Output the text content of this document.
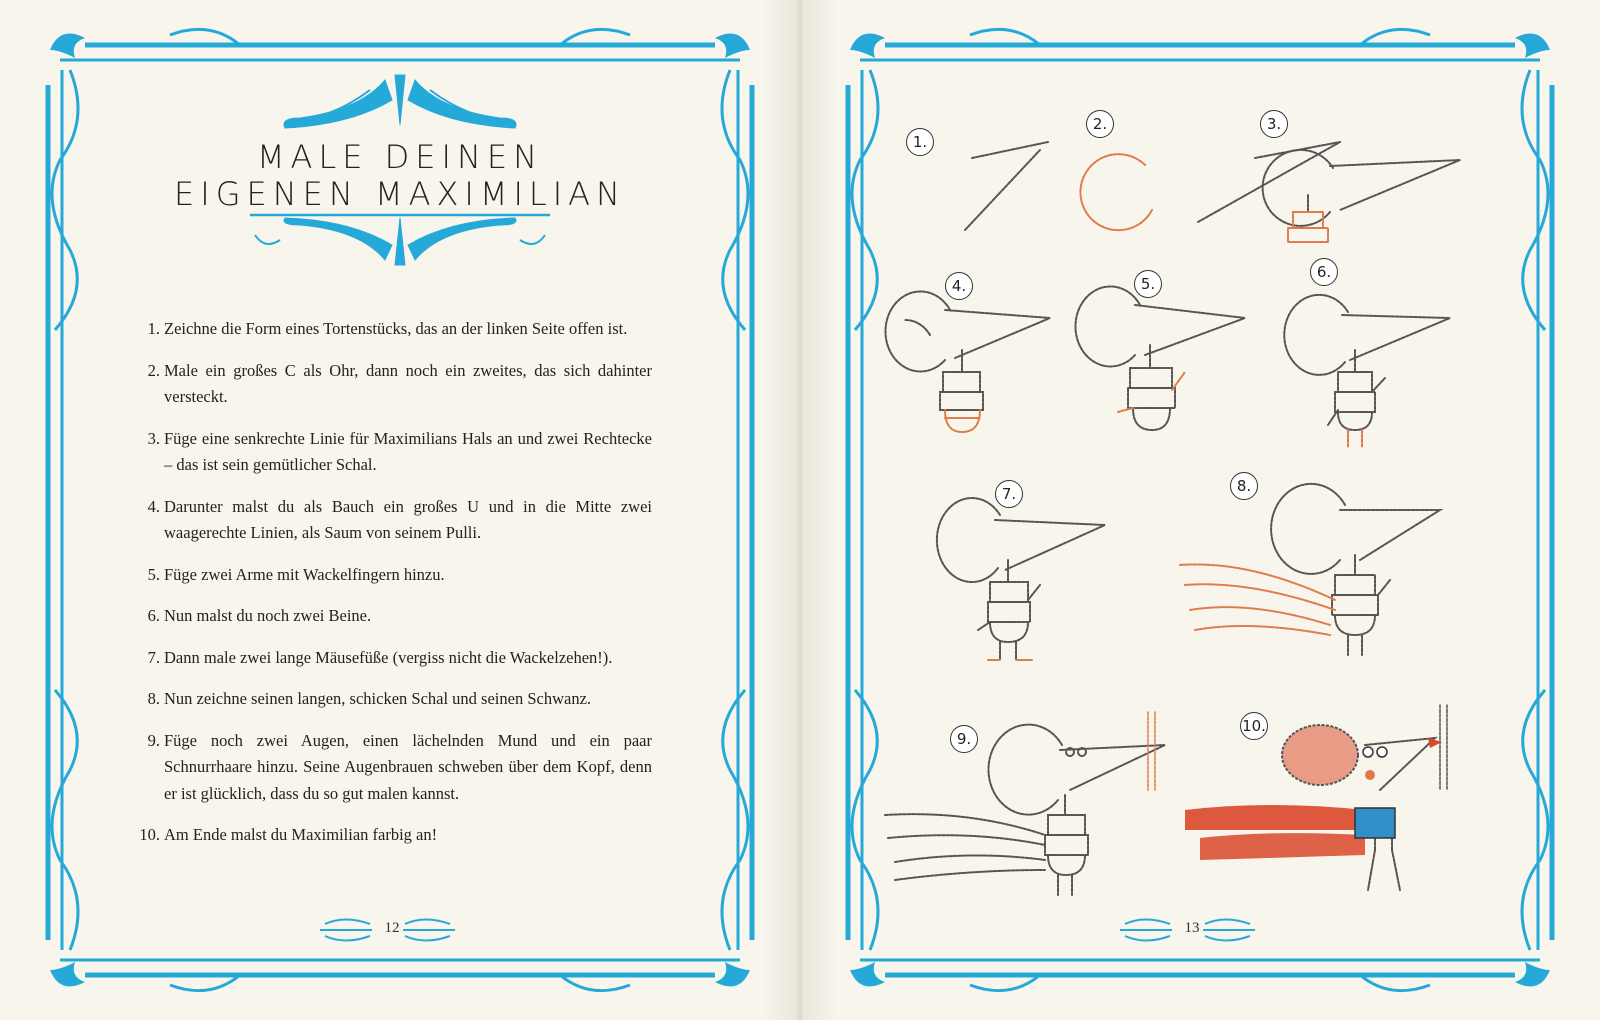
MALE DEINEN
EIGENEN MAXIMILIAN
1. Zeichne die Form eines Tortenstücks, das an der linken Seite offen ist.
2. Male ein großes C als Ohr, dann noch ein zweites, das sich dahinter versteckt.
3. Füge eine senkrechte Linie für Maximilians Hals an und zwei Rechtecke – das ist sein gemütlicher Schal.
4. Darunter malst du als Bauch ein großes U und in die Mitte zwei waagerechte Linien, als Saum von seinem Pulli.
5. Füge zwei Arme mit Wackelfingern hinzu.
6. Nun malst du noch zwei Beine.
7. Dann male zwei lange Mäusefüße (vergiss nicht die Wackelzehen!).
8. Nun zeichne seinen langen, schicken Schal und seinen Schwanz.
9. Füge noch zwei Augen, einen lächelnden Mund und ein paar Schnurrhaare hinzu. Seine Augenbrauen schweben über dem Kopf, denn er ist glücklich, dass du so gut malen kannst.
10. Am Ende malst du Maximilian farbig an!
12
1.
2.	3.
4.	5.
6.
7.	8.
9.
10.
13
